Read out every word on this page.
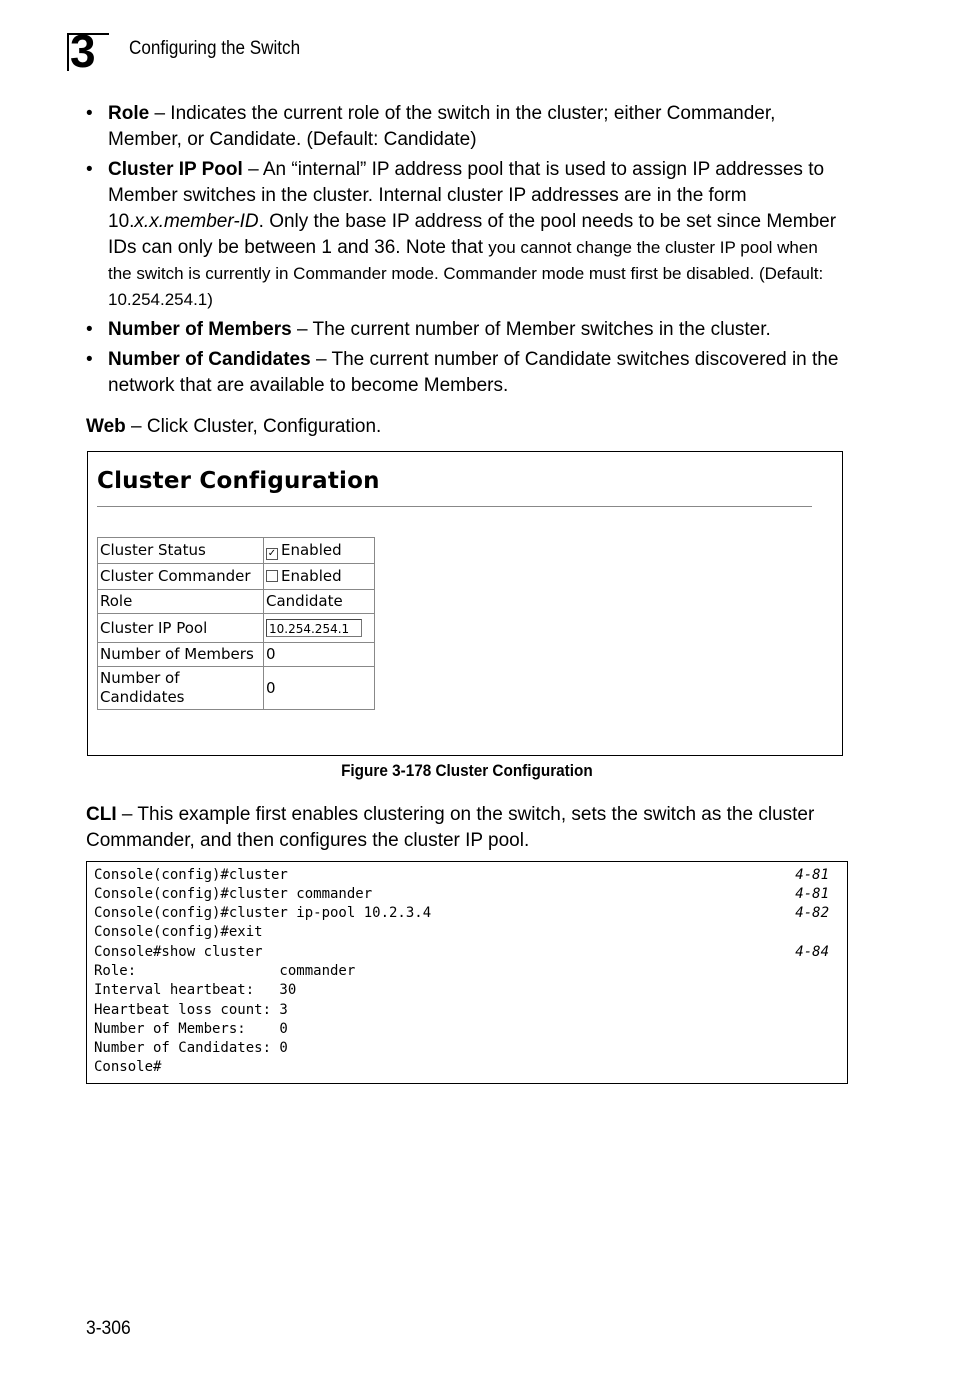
3 Configuring the Switch
• Role – Indicates the current role of the switch in the cluster; either Commander, Member, or Candidate. (Default: Candidate)
• Cluster IP Pool – An “internal” IP address pool that is used to assign IP addresses to Member switches in the cluster. Internal cluster IP addresses are in the form 10.x.x.member-ID. Only the base IP address of the pool needs to be set since Member IDs can only be between 1 and 36. Note that you cannot change the cluster IP pool when the switch is currently in Commander mode. Commander mode must first be disabled. (Default: 10.254.254.1)
• Number of Members – The current number of Member switches in the cluster.
• Number of Candidates – The current number of Candidate switches discovered in the network that are available to become Members.
Web – Click Cluster, Configuration.
Cluster Configuration
Cluster Status	✓ Enabled
Cluster Commander	Enabled
Role	Candidate
Cluster IP Pool	10.254.254.1
Number of Members	0
Number of
Candidates	0
Figure 3-178 Cluster Configuration
CLI – This example first enables clustering on the switch, sets the switch as the cluster Commander, and then configures the cluster IP pool.
Console(config)#cluster	4-81
Console(config)#cluster commander	4-81
Console(config)#cluster ip-pool 10.2.3.4	4-82
Console(config)#exit
Console#show cluster	4-84
Role:                 commander
Interval heartbeat:   30
Heartbeat loss count: 3
Number of Members:    0
Number of Candidates: 0
Console#
3-306
